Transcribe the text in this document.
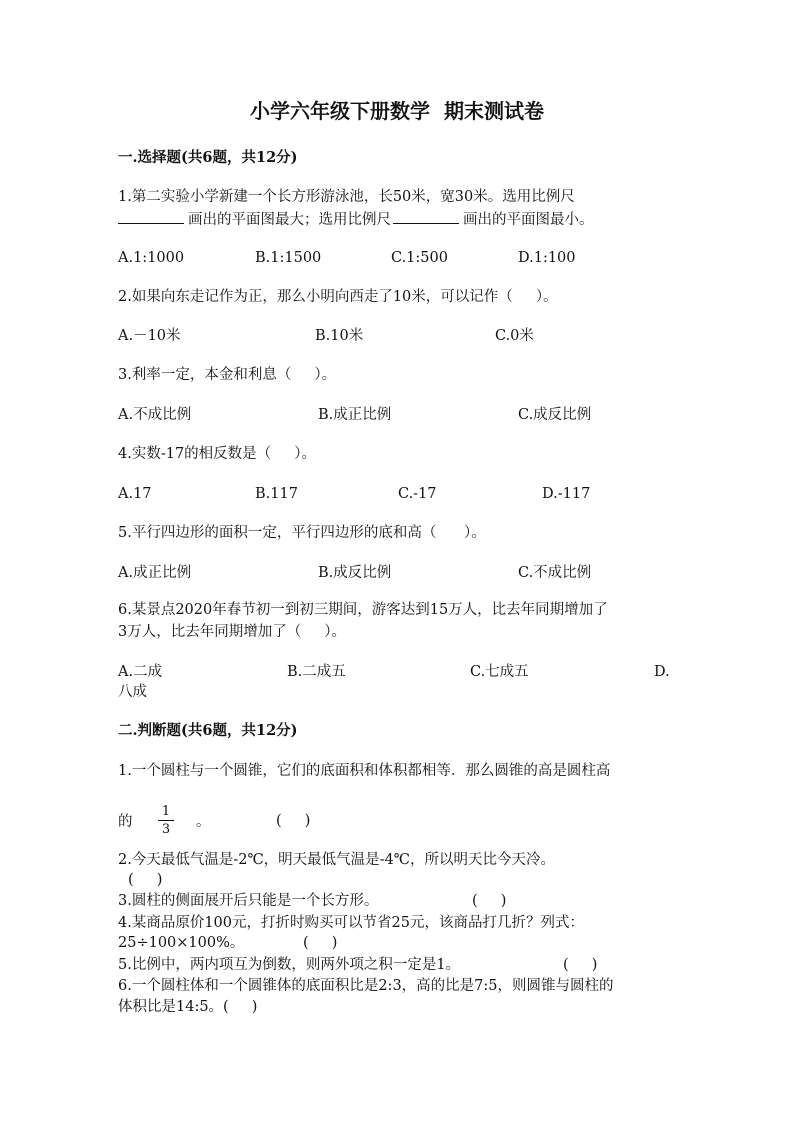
小学六年级下册数学  期末测试卷
一.选择题(共6题，共12分)
1.第二实验小学新建一个长方形游泳池，长50米，宽30米。选用比例尺
画出的平面图最大；选用比例尺	画出的平面图最小。
A.1:1000	B.1:1500	C.1:500	D.1:100
2.如果向东走记作为正，那么小明向西走了10米，可以记作（     ）。
A.－10米	B.10米	C.0米
3.利率一定，本金和利息（     ）。
A.不成比例	B.成正比例	C.成反比例
4.实数-17的相反数是（     ）。
A.17	B.117	C.-17	D.-117
5.平行四边形的面积一定，平行四边形的底和高（      ）。
A.成正比例	B.成反比例	C.不成比例
6.某景点2020年春节初一到初三期间，游客达到15万人，比去年同期增加了
3万人，比去年同期增加了（     ）。
A.二成	B.二成五	C.七成五	D.
八成
二.判断题(共6题，共12分)
1.一个圆柱与一个圆锥，它们的底面积和体积都相等．那么圆锥的高是圆柱高
的
1
3 。	(     )
2.今天最低气温是-2℃，明天最低气温是-4℃，所以明天比今天冷。
(     )
3.圆柱的侧面展开后只能是一个长方形。	(     )
4.某商品原价100元，打折时购买可以节省25元，该商品打几折？列式：
25÷100×100%。	(     )
5.比例中，两内项互为倒数，则两外项之积一定是1。	(     )
6.一个圆柱体和一个圆锥体的底面积比是2:3，高的比是7:5，则圆锥与圆柱的
体积比是14:5。(     )
